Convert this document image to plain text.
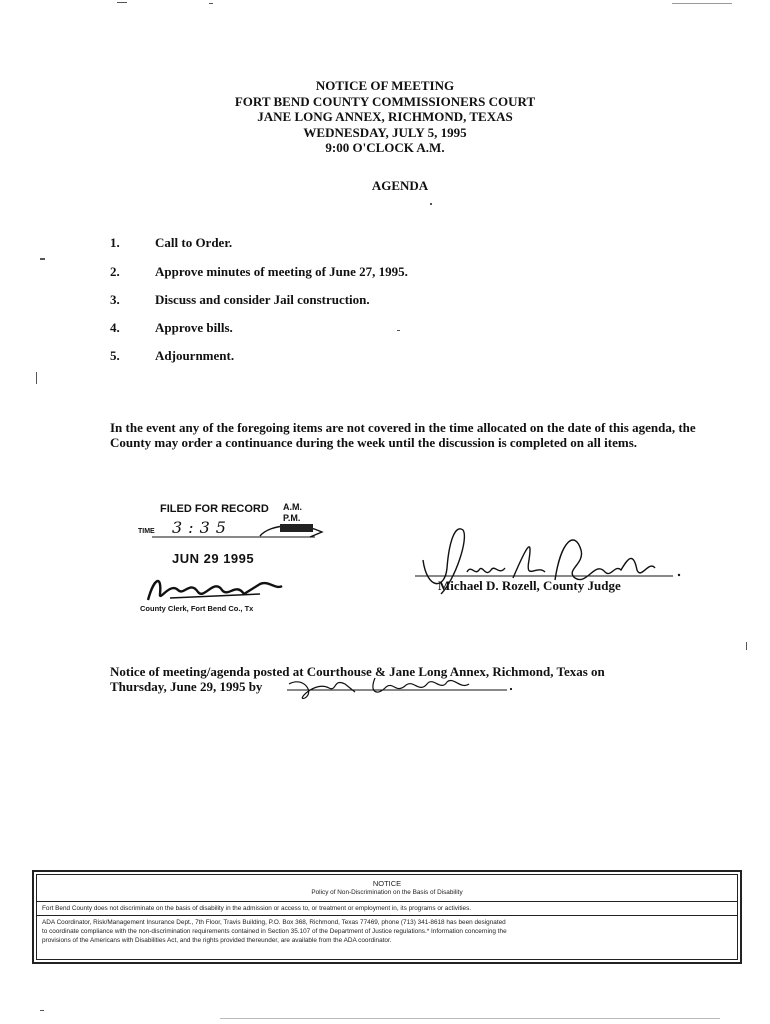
NOTICE OF MEETING
FORT BEND COUNTY COMMISSIONERS COURT
JANE LONG ANNEX, RICHMOND, TEXAS
WEDNESDAY, JULY 5, 1995
9:00 O'CLOCK A.M.
AGENDA
1.	Call to Order.
2.	Approve minutes of meeting of June 27, 1995.
3.	Discuss and consider Jail construction.
4.	Approve bills.
5.	Adjournment.
In the event any of the foregoing items are not covered in the time allocated on the date of this agenda, the County may order a continuance during the week until the discussion is completed on all items.
FILED FOR RECORD
TIME 3:35
A.M.
P.M.
JUN 29 1995
County Clerk, Fort Bend Co., Tx
Michael D. Rozell, County Judge
Notice of meeting/agenda posted at Courthouse & Jane Long Annex, Richmond, Texas on
Thursday, June 29, 1995 by
NOTICE
Policy of Non-Discrimination on the Basis of Disability
Fort Bend County does not discriminate on the basis of disability in the admission or access to, or treatment or employment in, its programs or activities.
ADA Coordinator, Risk/Management Insurance Dept., 7th Floor, Travis Building, P.O. Box 368, Richmond, Texas 77469, phone (713) 341-8618 has been designated
to coordinate compliance with the non-discrimination requirements contained in Section 35.107 of the Department of Justice regulations.* Information concerning the
provisions of the Americans with Disabilities Act, and the rights provided thereunder, are available from the ADA coordinator.
